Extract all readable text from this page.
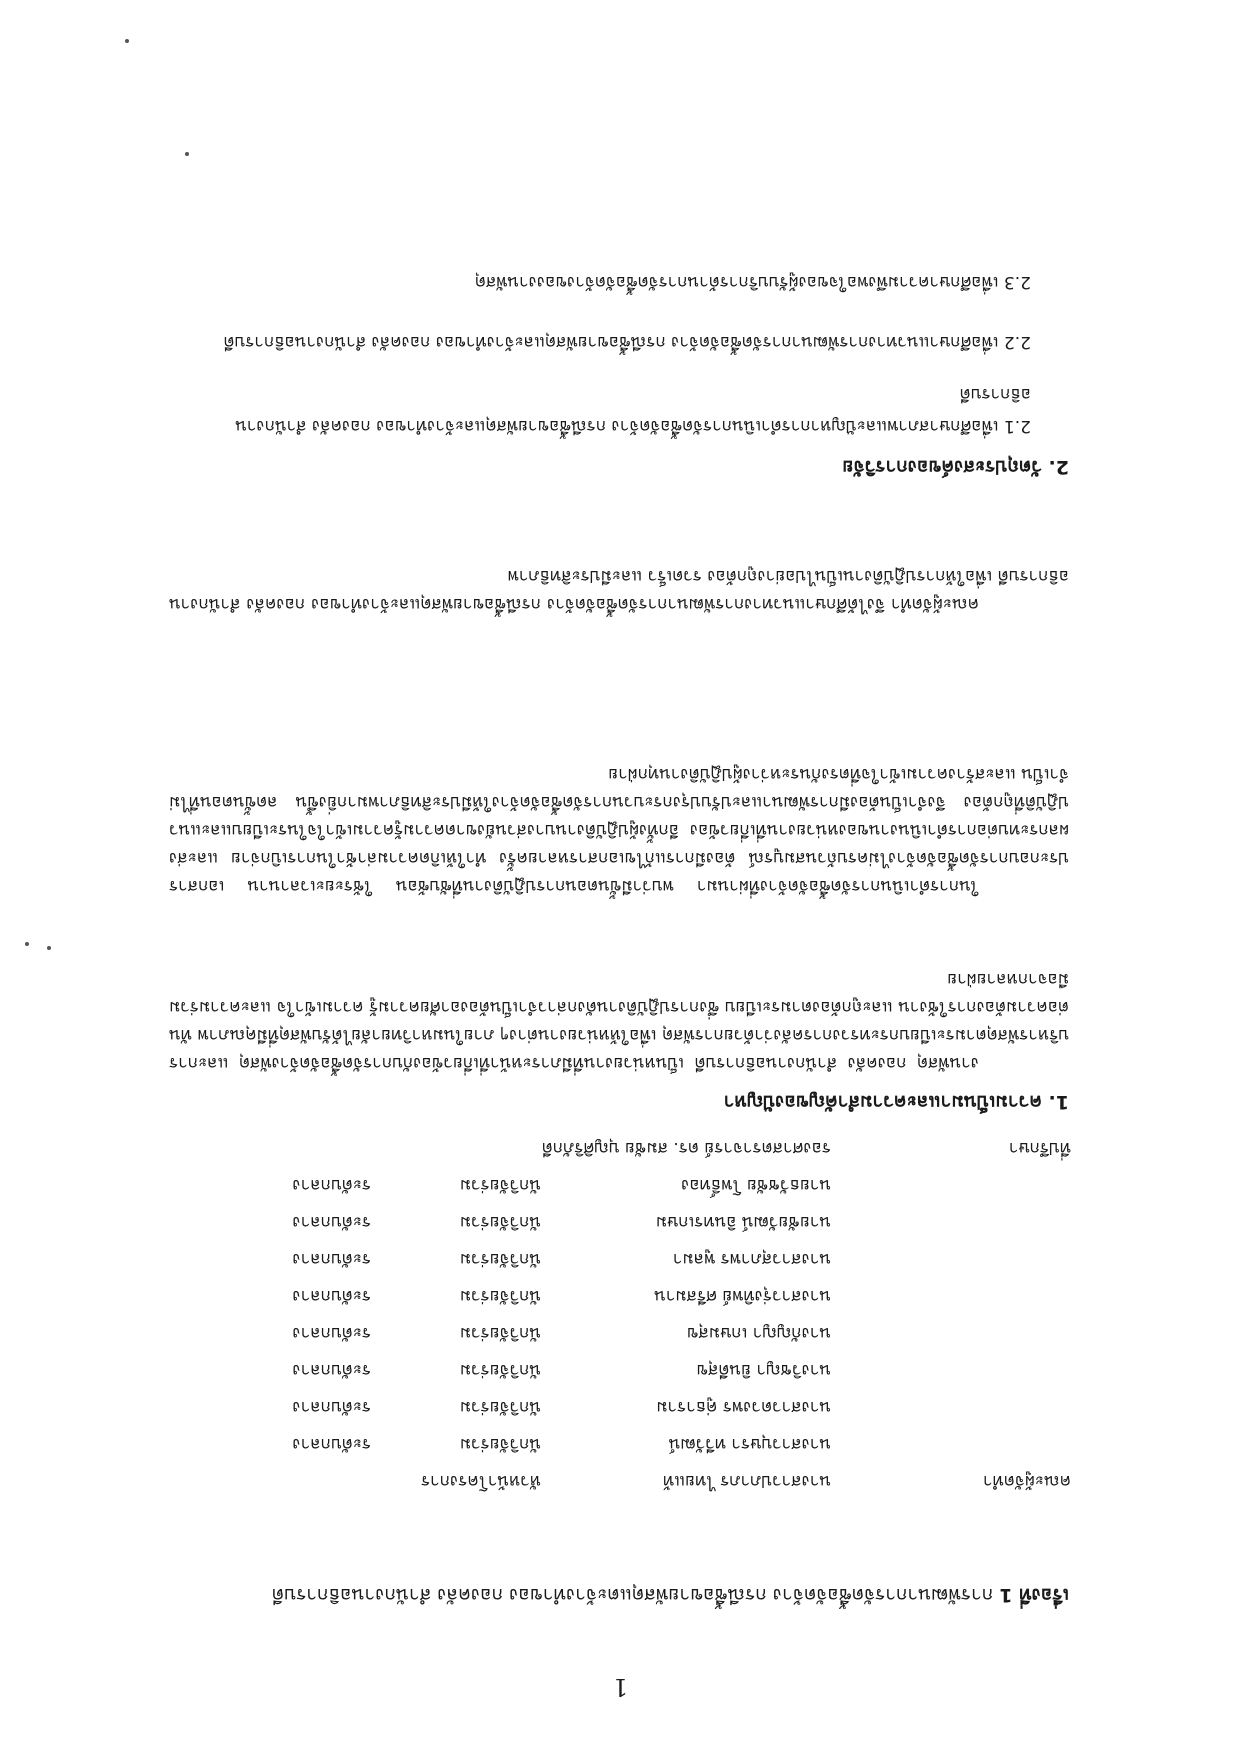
1
เรื่องที่ 1 การพัฒนาการจัดซื้อจัดจ้าง กรณีซื้อขายพัสดุแตะจ้างทำของ กองคลัง สำนักงานอธิการบดี
คณะผู้จัดทำ
นางสาวปภาภร ไทยแท้
หัวหน้าโครงการ
นางสาวบุษรา ทวีวัฒน์
นักวิจัยร่วม
ระดับกลาง
นางสาวดวงพร คู่ธาราม
นักวิจัยร่วม
ระดับกลาง
นางวิชญา ยินดีสุข
นักวิจัยร่วม
ระดับกลาง
นางกัญญา เกษมสุข
นักวิจัยร่วม
ระดับกลาง
นางสาวรุ่งทิพย์ ศรีสมาน
นักวิจัยร่วม
ระดับกลาง
นางสาวสุภาพร พูลมา
นักวิจัยร่วม
ระดับกลาง
นายชัยวัฒน์ อินทรเกษม
นักวิจัยร่วม
ระดับกลาง
นายธวัชชัย โพธิ์ทอง
นักวิจัยร่วม
ระดับกลาง
ที่ปรึกษา
รองศาสตราจารย์ ดร. สมชัย บุญศิริภักดี
1. ความเป็นมาและความสำคัญของปัญหา
งานพัสดุ กองคลัง สำนักงานอธิการบดี เป็นหน่วยงานที่มีภาระหน้าที่เกี่ยวข้องกับการจัดซื้อจัดจ้างพัสดุ และการบริหารพัสดุตามระเบียบกระทรวงการคลังว่าด้วยการพัสดุ เพื่อให้หน่วยงานต่างๆ ภายในมหาวิทยาลัยได้รับพัสดุที่มีคุณภาพ ทันต่อความต้องการใช้งาน และถูกต้องตามระเบียบ ซึ่งการปฏิบัติงานดังกล่าวจำเป็นต้องอาศัยความรู้ ความเข้าใจ และความร่วมมือจากหลายฝ่าย
ในการดำเนินการจัดซื้อจัดจ้างที่ผ่านมา พบว่ามีขั้นตอนการปฏิบัติงานที่ซับซ้อน ใช้ระยะเวลานาน เอกสารประกอบการจัดซื้อจัดจ้างไม่ครบถ้วนสมบูรณ์ ต้องมีการแก้ไขเอกสารหลายครั้ง ทำให้เกิดความล่าช้าในการเบิกจ่าย และส่งผลกระทบต่อการดำเนินงานของหน่วยงานที่เกี่ยวข้อง อีกทั้งผู้ปฏิบัติงานบางส่วนยังขาดความรู้ความเข้าใจในระเบียบและแนวปฏิบัติที่ถูกต้อง จึงจำเป็นต้องมีการพัฒนาและปรับปรุงกระบวนการจัดซื้อจัดจ้างให้มีประสิทธิภาพมากยิ่งขึ้น ลดขั้นตอนที่ไม่จำเป็น และสร้างความเข้าใจที่ตรงกันระหว่างผู้ปฏิบัติงานทุกฝ่าย
คณะผู้จัดทำ จึงได้ศึกษาแนวทางการพัฒนาการจัดซื้อจัดจ้าง กรณีซื้อขายพัสดุและจ้างทำของ กองคลัง สำนักงานอธิการบดี เพื่อให้การปฏิบัติงานเป็นไปอย่างถูกต้อง รวดเร็ว และมีประสิทธิภาพ
2. วัตถุประสงค์ของการวิจัย
2.1 เพื่อศึกษาสภาพและปัญหาการดำเนินการจัดซื้อจัดจ้าง กรณีซื้อขายพัสดุและจ้างทำของ กองคลัง สำนักงานอธิการบดี
2.2 เพื่อศึกษาแนวทางการพัฒนาการจัดซื้อจัดจ้าง กรณีซื้อขายพัสดุและจ้างทำของ กองคลัง สำนักงานอธิการบดี
2.3 เพื่อศึกษาความพึงพอใจของผู้รับบริการด้านการจัดซื้อจัดจ้างของงานพัสดุ
